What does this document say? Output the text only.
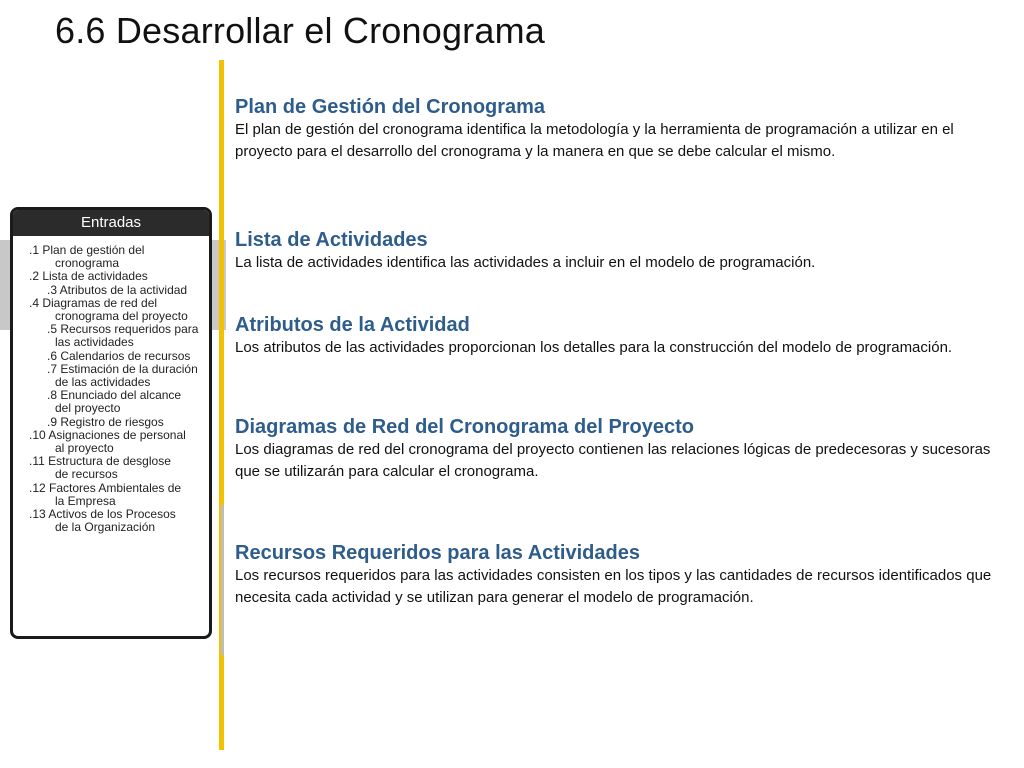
6.6 Desarrollar el Cronograma
Entradas
.1 Plan de gestión del
cronograma
.2 Lista de actividades
.3 Atributos de la actividad
.4 Diagramas de red del
cronograma del proyecto
.5 Recursos requeridos para
las actividades
.6 Calendarios de recursos
.7 Estimación de la duración
de las actividades
.8 Enunciado del alcance
del proyecto
.9 Registro de riesgos
.10 Asignaciones de personal
al proyecto
.11 Estructura de desglose
de recursos
.12 Factores Ambientales de
la Empresa
.13 Activos de los Procesos
de la Organización
Plan de Gestión del Cronograma

El plan de gestión del cronograma identifica la metodología y la herramienta de programación a utilizar en el proyecto para el desarrollo del cronograma y la manera en que se debe calcular el mismo.

Lista de Actividades

La lista de actividades identifica las actividades a incluir en el modelo de programación.

Atributos de la Actividad

Los atributos de las actividades proporcionan los detalles para la construcción del modelo de programación.

Diagramas de Red del Cronograma del Proyecto

Los diagramas de red del cronograma del proyecto contienen las relaciones lógicas de predecesoras y sucesoras que se utilizarán para calcular el cronograma.

Recursos Requeridos para las Actividades

Los recursos requeridos para las actividades consisten en los tipos y las cantidades de recursos identificados que necesita cada actividad y se utilizan para generar el modelo de programación.
